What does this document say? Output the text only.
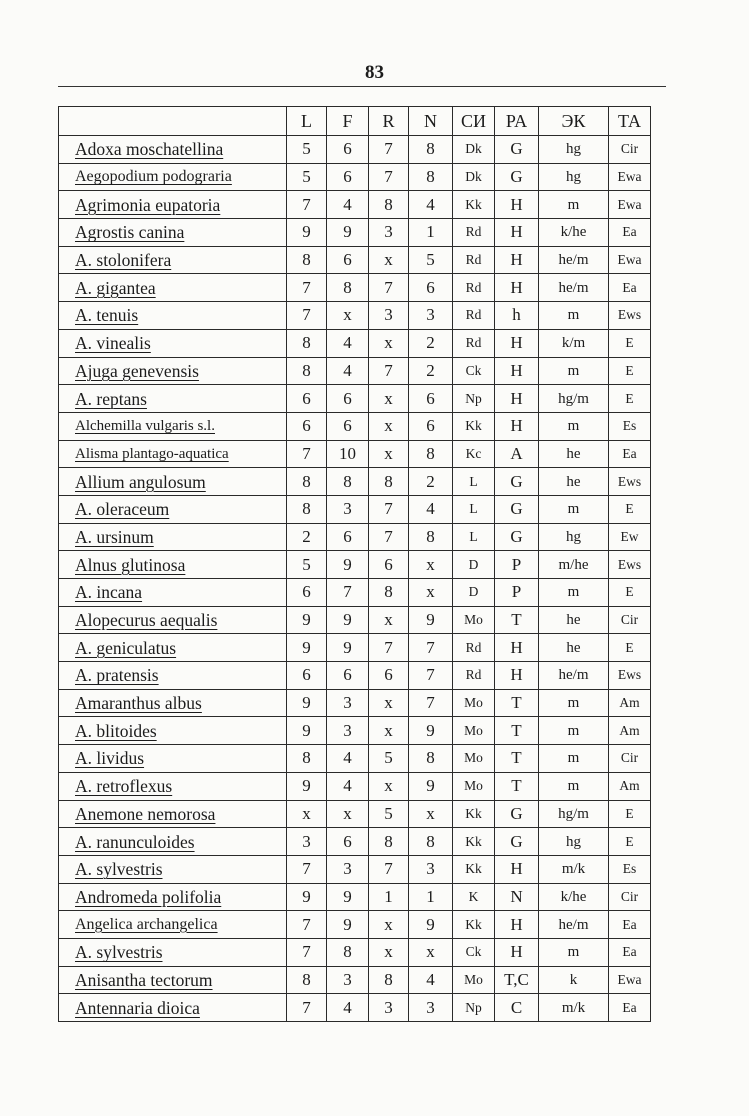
83
	L	F	R	N	СИ	PA	ЭК	ТА
Adoxa moschatellina	5	6	7	8	Dk	G	hg	Cir
Aegopodium podograria	5	6	7	8	Dk	G	hg	Ewa
Agrimonia eupatoria	7	4	8	4	Kk	H	m	Ewa
Agrostis canina	9	9	3	1	Rd	H	k/he	Ea
A. stolonifera	8	6	x	5	Rd	H	he/m	Ewa
A. gigantea	7	8	7	6	Rd	H	he/m	Ea
A. tenuis	7	x	3	3	Rd	h	m	Ews
A. vinealis	8	4	x	2	Rd	H	k/m	E
Ajuga genevensis	8	4	7	2	Ck	H	m	E
A. reptans	6	6	x	6	Np	H	hg/m	E
Alchemilla vulgaris s.l.	6	6	x	6	Kk	H	m	Es
Alisma plantago-aquatica	7	10	x	8	Kc	A	he	Ea
Allium angulosum	8	8	8	2	L	G	he	Ews
A. oleraceum	8	3	7	4	L	G	m	E
A. ursinum	2	6	7	8	L	G	hg	Ew
Alnus glutinosa	5	9	6	x	D	P	m/he	Ews
A. incana	6	7	8	x	D	P	m	E
Alopecurus aequalis	9	9	x	9	Mo	T	he	Cir
A. geniculatus	9	9	7	7	Rd	H	he	E
A. pratensis	6	6	6	7	Rd	H	he/m	Ews
Amaranthus albus	9	3	x	7	Mo	T	m	Am
A. blitoides	9	3	x	9	Mo	T	m	Am
A. lividus	8	4	5	8	Mo	T	m	Cir
A. retroflexus	9	4	x	9	Mo	T	m	Am
Anemone nemorosa	x	x	5	x	Kk	G	hg/m	E
A. ranunculoides	3	6	8	8	Kk	G	hg	E
A. sylvestris	7	3	7	3	Kk	H	m/k	Es
Andromeda polifolia	9	9	1	1	K	N	k/he	Cir
Angelica archangelica	7	9	x	9	Kk	H	he/m	Ea
A. sylvestris	7	8	x	x	Ck	H	m	Ea
Anisantha tectorum	8	3	8	4	Mo	T,C	k	Ewa
Antennaria dioica	7	4	3	3	Np	C	m/k	Ea
